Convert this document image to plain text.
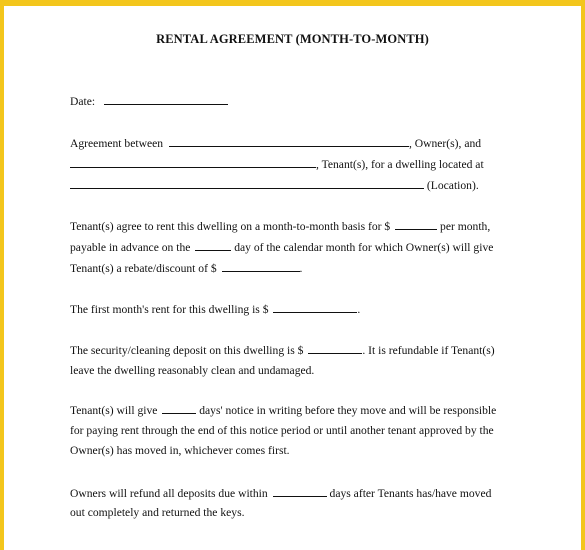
RENTAL AGREEMENT (MONTH-TO-MONTH)
Date:
Agreement between	, Owner(s), and
, Tenant(s), for a dwelling located at
(Location).
Tenant(s) agree to rent this dwelling on a month-to-month basis for $	per month,
payable in advance on the	day of the calendar month for which Owner(s) will give
Tenant(s) a rebate/discount of $	.
The first month's rent for this dwelling is $	.
The security/cleaning deposit on this dwelling is $	. It is refundable if Tenant(s)
leave the dwelling reasonably clean and undamaged.
Tenant(s) will give	days' notice in writing before they move and will be responsible
for paying rent through the end of this notice period or until another tenant approved by the
Owner(s) has moved in, whichever comes first.
Owners will refund all deposits due within	days after Tenants has/have moved
out completely and returned the keys.
